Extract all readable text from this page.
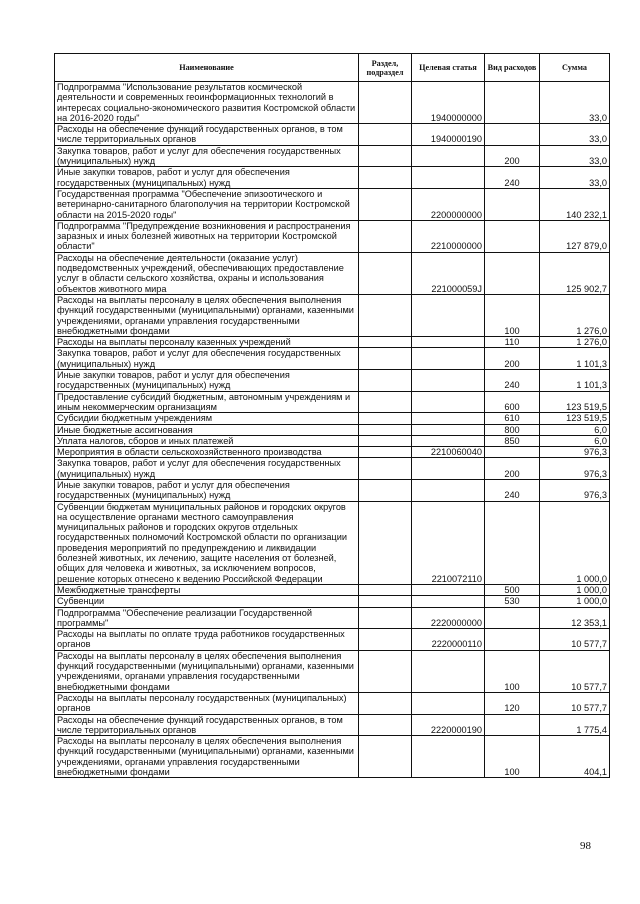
Наименование	Раздел, подраздел	Целевая статья	Вид расходов	Сумма
Подпрограмма "Использование результатов космической деятельности и современных геоинформационных технологий в интересах социально-экономического развития Костромской области на 2016-2020 годы"		1940000000		33,0
Расходы на обеспечение функций государственных органов, в том числе территориальных органов		1940000190		33,0
Закупка товаров, работ и услуг для обеспечения государственных (муниципальных) нужд			200	33,0
Иные закупки товаров, работ и услуг для обеспечения государственных (муниципальных) нужд			240	33,0
Государственная программа "Обеспечение эпизоотического и ветеринарно-санитарного благополучия на территории Костромской области на 2015-2020 годы"		2200000000		140 232,1
Подпрограмма "Предупреждение возникновения и распространения заразных и иных болезней животных на территории Костромской области"		2210000000		127 879,0
Расходы на обеспечение деятельности (оказание услуг) подведомственных учреждений, обеспечивающих предоставление услуг в области сельского хозяйства, охраны и использования объектов животного мира		221000059J		125 902,7
Расходы на выплаты персоналу в целях обеспечения выполнения функций государственными (муниципальными) органами, казенными учреждениями, органами управления государственными внебюджетными фондами			100	1 276,0
Расходы на выплаты персоналу казенных учреждений			110	1 276,0
Закупка товаров, работ и услуг для обеспечения государственных (муниципальных) нужд			200	1 101,3
Иные закупки товаров, работ и услуг для обеспечения государственных (муниципальных) нужд			240	1 101,3
Предоставление субсидий бюджетным, автономным учреждениям и иным некоммерческим организациям			600	123 519,5
Субсидии бюджетным учреждениям			610	123 519,5
Иные бюджетные ассигнования			800	6,0
Уплата налогов, сборов и иных платежей			850	6,0
Мероприятия в области сельскохозяйственного производства		2210060040		976,3
Закупка товаров, работ и услуг для обеспечения государственных (муниципальных) нужд			200	976,3
Иные закупки товаров, работ и услуг для обеспечения государственных (муниципальных) нужд			240	976,3
Субвенции бюджетам муниципальных районов и городских округов на осуществление органами местного самоуправления муниципальных районов и городских округов отдельных государственных полномочий Костромской области по организации проведения мероприятий по предупреждению и ликвидации болезней животных, их лечению, защите населения от болезней, общих для человека и животных, за исключением вопросов, решение которых отнесено к ведению Российской Федерации		2210072110		1 000,0
Межбюджетные трансферты			500	1 000,0
Субвенции			530	1 000,0
Подпрограмма "Обеспечение реализации Государственной программы"		2220000000		12 353,1
Расходы на выплаты по оплате труда работников государственных органов		2220000110		10 577,7
Расходы на выплаты персоналу в целях обеспечения выполнения функций государственными (муниципальными) органами, казенными учреждениями, органами управления государственными внебюджетными фондами			100	10 577,7
Расходы на выплаты персоналу государственных (муниципальных) органов			120	10 577,7
Расходы на обеспечение функций государственных органов, в том числе территориальных органов		2220000190		1 775,4
Расходы на выплаты персоналу в целях обеспечения выполнения функций государственными (муниципальными) органами, казенными учреждениями, органами управления государственными внебюджетными фондами			100	404,1
98
